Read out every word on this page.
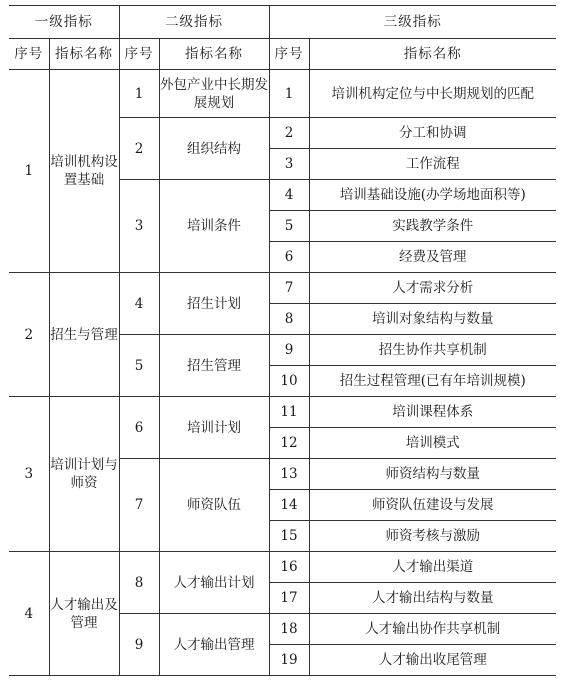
一级指标		二级指标		三级指标	
序号	指标名称	序号	指标名称	序号	指标名称
1	培训机构设置基础	1	外包产业中长期发展规划	1	培训机构定位与中长期规划的匹配
		2	组织结构	2	分工和协调
				3	工作流程
		3	培训条件	4	培训基础设施(办学场地面积等)
				5	实践教学条件
				6	经费及管理
2	招生与管理	4	招生计划	7	人才需求分析
				8	培训对象结构与数量
		5	招生管理	9	招生协作共享机制
				10	招生过程管理(已有年培训规模)
3	培训计划与师资	6	培训计划	11	培训课程体系
				12	培训模式
		7	师资队伍	13	师资结构与数量
				14	师资队伍建设与发展
				15	师资考核与激励
4	人才输出及管理	8	人才输出计划	16	人才输出渠道
				17	人才输出结构与数量
		9	人才输出管理	18	人才输出协作共享机制
				19	人才输出收尾管理
